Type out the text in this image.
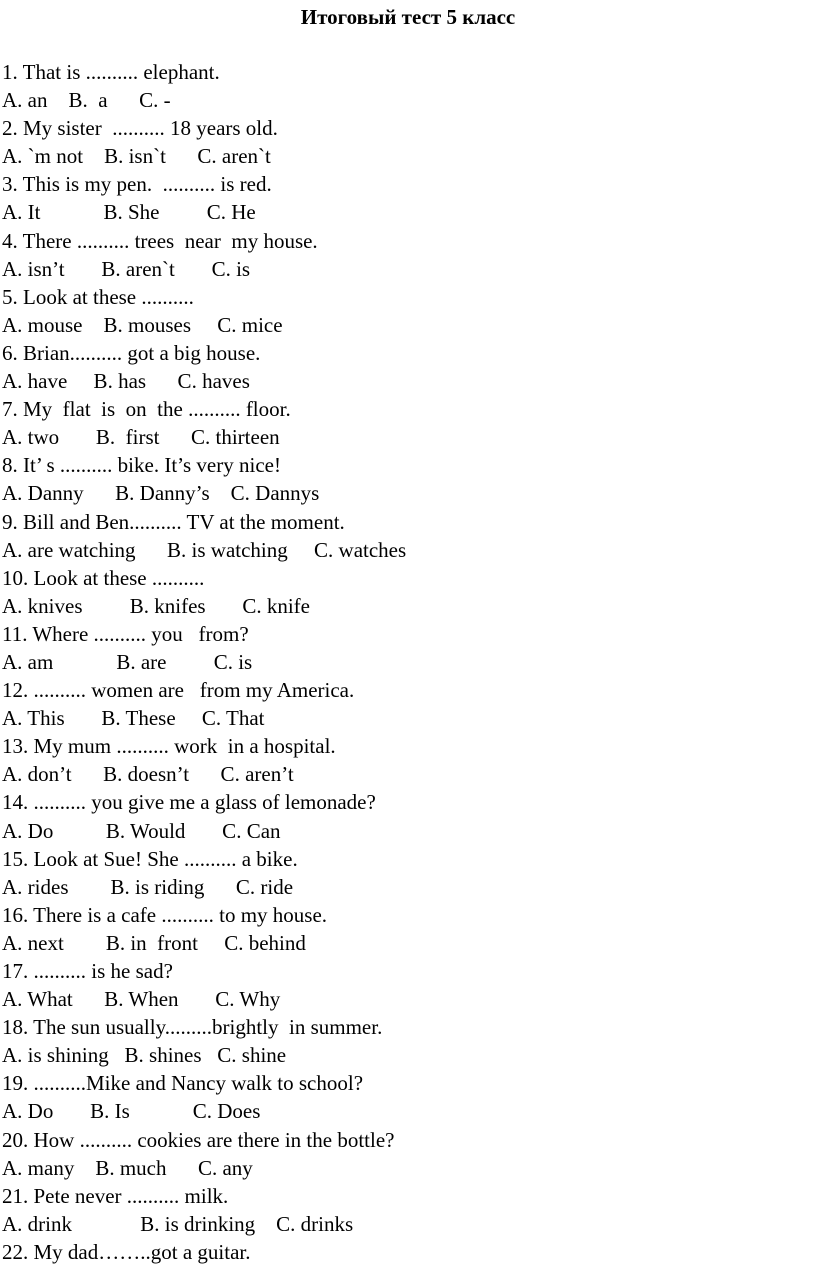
Итоговый тест 5 класс
1. That is .......... elephant.
A. an    B.  a      C. -
2. My sister  .......... 18 years old.
A. `m not    B. isn`t      C. aren`t
3. This is my pen.  .......... is red.
A. It            B. She         C. He
4. There .......... trees  near  my house.
A. isn’t       B. aren`t       C. is
5. Look at these ..........
A. mouse    B. mouses     C. mice
6. Brian.......... got a big house.
A. have     B. has      C. haves
7. My  flat  is  on  the .......... floor.
A. two       B.  first      C. thirteen
8. It’ s .......... bike. It’s very nice!
A. Danny      B. Danny’s    C. Dannys
9. Bill and Ben.......... TV at the moment.
A. are watching      B. is watching     C. watches
10. Look at these ..........
A. knives         B. knifes       C. knife
11. Where .......... you   from?
A. am            B. are         C. is
12. .......... women are   from my America.
A. This       B. These     C. That
13. My mum .......... work  in a hospital.
A. don’t      B. doesn’t      C. aren’t
14. .......... you give me a glass of lemonade?
A. Do          B. Would       C. Can
15. Look at Sue! She .......... a bike.
A. rides        B. is riding      C. ride
16. There is a cafe .......... to my house.
A. next        B. in  front     C. behind
17. .......... is he sad?
A. What      B. When       C. Why
18. The sun usually.........brightly  in summer.
A. is shining   B. shines   C. shine
19. ..........Mike and Nancy walk to school?
A. Do       B. Is            C. Does
20. How .......... cookies are there in the bottle?
A. many    B. much      C. any
21. Pete never .......... milk.
A. drink             B. is drinking    C. drinks
22. My dad……..got a guitar.
